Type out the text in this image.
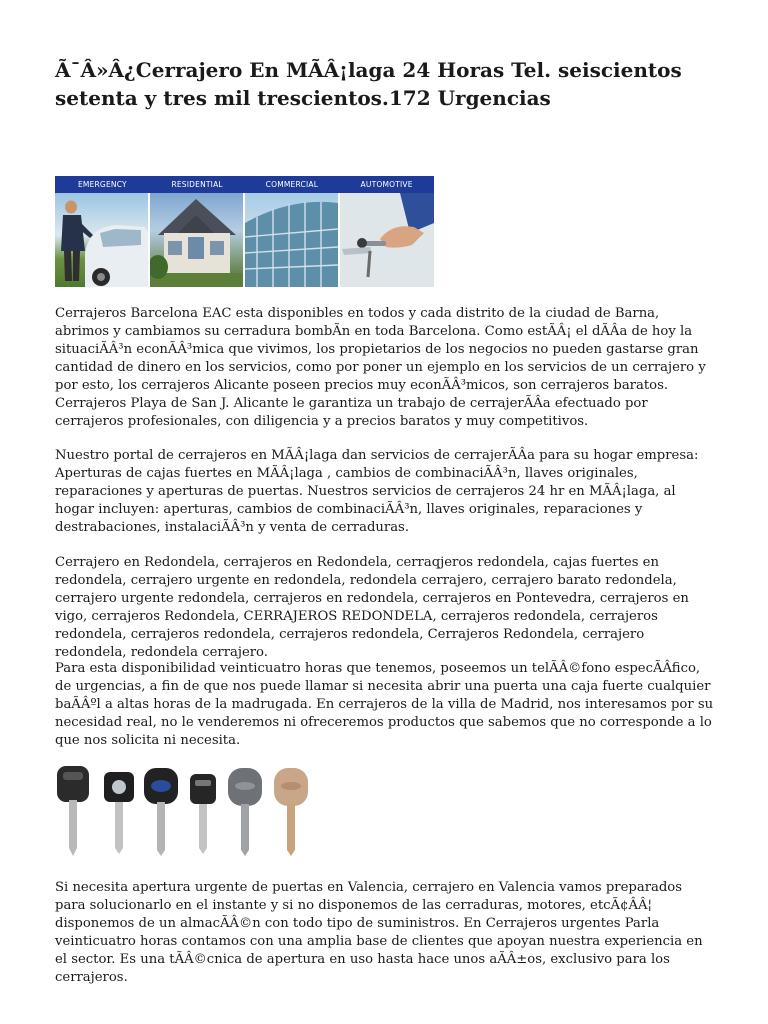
Ã¯Â»Â¿Cerrajero En MÃÂ¡laga 24 Horas Tel. seiscientos setenta y tres mil trescientos.172 Urgencias
EMERGENCY	RESIDENTIAL	COMMERCIAL	AUTOMOTIVE

Cerrajeros Barcelona EAC esta disponibles en todos y cada distrito de la ciudad de Barna, abrimos y cambiamos su cerradura bombÃn en toda Barcelona. Como estÃÂ¡ el dÃÂa de hoy la situaciÃÂ³n econÃÂ³mica que vivimos, los propietarios de los negocios no pueden gastarse gran cantidad de dinero en los servicios, como por poner un ejemplo en los servicios de un cerrajero y por esto, los cerrajeros Alicante poseen precios muy econÃÂ³micos, son cerrajeros baratos. Cerrajeros Playa de San J. Alicante le garantiza un trabajo de cerrajerÃÂa efectuado por cerrajeros profesionales, con diligencia y a precios baratos y muy competitivos.

Nuestro portal de cerrajeros en MÃÂ¡laga dan servicios de cerrajerÃÂa para su hogar empresa: Aperturas de cajas fuertes en MÃÂ¡laga , cambios de combinaciÃÂ³n, llaves originales, reparaciones y aperturas de puertas. Nuestros servicios de cerrajeros 24 hr en MÃÂ¡laga, al hogar incluyen: aperturas, cambios de combinaciÃÂ³n, llaves originales, reparaciones y destrabaciones, instalaciÃÂ³n y venta de cerraduras.

Cerrajero en Redondela, cerrajeros en Redondela, cerraqjeros redondela, cajas fuertes en redondela, cerrajero urgente en redondela, redondela cerrajero, cerrajero barato redondela, cerrajero urgente redondela, cerrajeros en redondela, cerrajeros en Pontevedra, cerrajeros en vigo, cerrajeros Redondela, CERRAJEROS REDONDELA, cerrajeros redondela, cerrajeros redondela, cerrajeros redondela, cerrajeros redondela, Cerrajeros Redondela, cerrajero redondela, redondela cerrajero.

Para esta disponibilidad veinticuatro horas que tenemos, poseemos un telÃÂ©fono especÃÂfico, de urgencias, a fin de que nos puede llamar si necesita abrir una puerta una caja fuerte cualquier baÃÂºl a altas horas de la madrugada. En cerrajeros de la villa de Madrid, nos interesamos por su necesidad real, no le venderemos ni ofreceremos productos que sabemos que no corresponde a lo que nos solicita ni necesita.

Si necesita apertura urgente de puertas en Valencia, cerrajero en Valencia vamos preparados para solucionarlo en el instante y si no disponemos de las cerraduras, motores, etcÃ¢ÂÂ¦ disponemos de un almacÃÂ©n con todo tipo de suministros. En Cerrajeros urgentes Parla veinticuatro horas contamos con una amplia base de clientes que apoyan nuestra experiencia en el sector. Es una tÃÂ©cnica de apertura en uso hasta hace unos aÃÂ±os, exclusivo para los cerrajeros.
